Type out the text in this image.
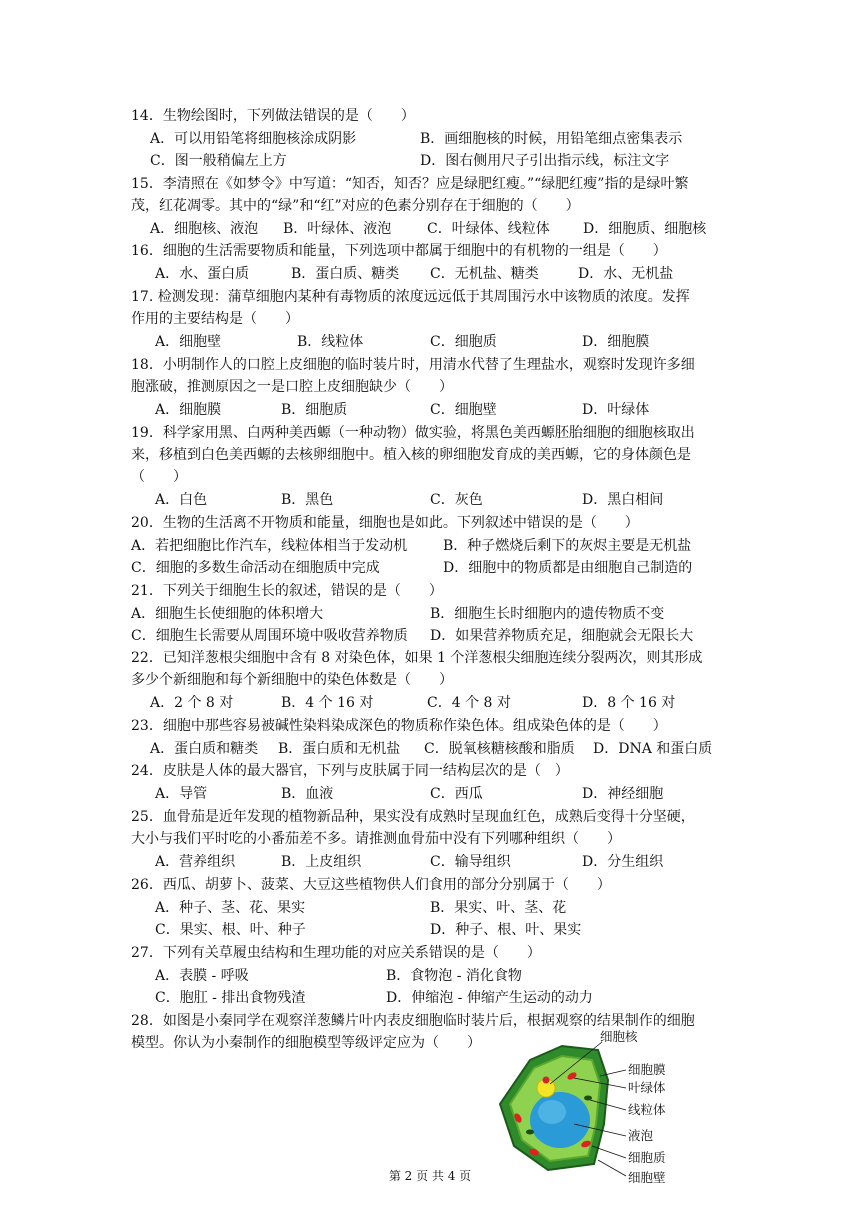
14．生物绘图时，下列做法错误的是（　　）
A．可以用铅笔将细胞核涂成阴影	B．画细胞核的时候，用铅笔细点密集表示
C．图一般稍偏左上方	D．图右侧用尺子引出指示线，标注文字
15．李清照在《如梦令》中写道：“知否，知否？应是绿肥红瘦。”“绿肥红瘦”指的是绿叶繁
茂，红花凋零。其中的“绿”和“红”对应的色素分别存在于细胞的（　　）
A．细胞核、液泡 B．叶绿体、液泡	C．叶绿体、线粒体 D．细胞质、细胞核
16．细胞的生活需要物质和能量，下列选项中都属于细胞中的有机物的一组是（　　）
A．水、蛋白质	B．蛋白质、糖类 C．无机盐、糖类	D．水、无机盐
17. 检测发现：蒲草细胞内某种有毒物质的浓度远远低于其周围污水中该物质的浓度。发挥
作用的主要结构是（　　）
A．细胞壁	B．线粒体	C．细胞质	D．细胞膜
18．小明制作人的口腔上皮细胞的临时装片时，用清水代替了生理盐水，观察时发现许多细
胞涨破，推测原因之一是口腔上皮细胞缺少（　　）
A．细胞膜	B．细胞质	C．细胞壁	D．叶绿体
19．科学家用黑、白两种美西螈（一种动物）做实验，将黑色美西螈胚胎细胞的细胞核取出
来，移植到白色美西螈的去核卵细胞中。植入核的卵细胞发育成的美西螈，它的身体颜色是
（　　）
A．白色	B．黑色	C．灰色	D．黑白相间
20．生物的生活离不开物质和能量，细胞也是如此。下列叙述中错误的是（　　）
A．若把细胞比作汽车，线粒体相当于发动机	B．种子燃烧后剩下的灰烬主要是无机盐
C．细胞的多数生命活动在细胞质中完成	D．细胞中的物质都是由细胞自己制造的
21．下列关于细胞生长的叙述，错误的是（　　）
A．细胞生长使细胞的体积增大	B．细胞生长时细胞内的遗传物质不变
C．细胞生长需要从周围环境中吸收营养物质 D．如果营养物质充足，细胞就会无限长大
22．已知洋葱根尖细胞中含有 8 对染色体，如果 1 个洋葱根尖细胞连续分裂两次，则其形成
多少个新细胞和每个新细胞中的染色体数是（　　）
A．2 个 8 对	B．4 个 16 对	C．4 个 8 对	D．8 个 16 对
23．细胞中那些容易被碱性染料染成深色的物质称作染色体。组成染色体的是（　　）
A．蛋白质和糖类 B．蛋白质和无机盐 C．脱氧核糖核酸和脂质 D．DNA 和蛋白质
24．皮肤是人体的最大器官，下列与皮肤属于同一结构层次的是（　）
A．导管	B．血液	C．西瓜	D．神经细胞
25．血骨茄是近年发现的植物新品种，果实没有成熟时呈现血红色，成熟后变得十分坚硬，
大小与我们平时吃的小番茄差不多。请推测血骨茄中没有下列哪种组织（　　）
A．营养组织	B．上皮组织	C．输导组织	D．分生组织
26．西瓜、胡萝卜、菠菜、大豆这些植物供人们食用的部分分别属于（　　）
A．种子、茎、花、果实	B．果实、叶、茎、花
C．果实、根、叶、种子	D．种子、根、叶、果实
27．下列有关草履虫结构和生理功能的对应关系错误的是（　　）
A．表膜 - 呼吸	B．食物泡 - 消化食物
C．胞肛 - 排出食物残渣	D．伸缩泡 - 伸缩产生运动的动力
28．如图是小秦同学在观察洋葱鳞片叶内表皮细胞临时装片后，根据观察的结果制作的细胞
模型。你认为小秦制作的细胞模型等级评定应为（　　）	细胞核
细胞膜
叶绿体
线粒体
液泡
细胞质
细胞壁
第 2 页 共 4 页
